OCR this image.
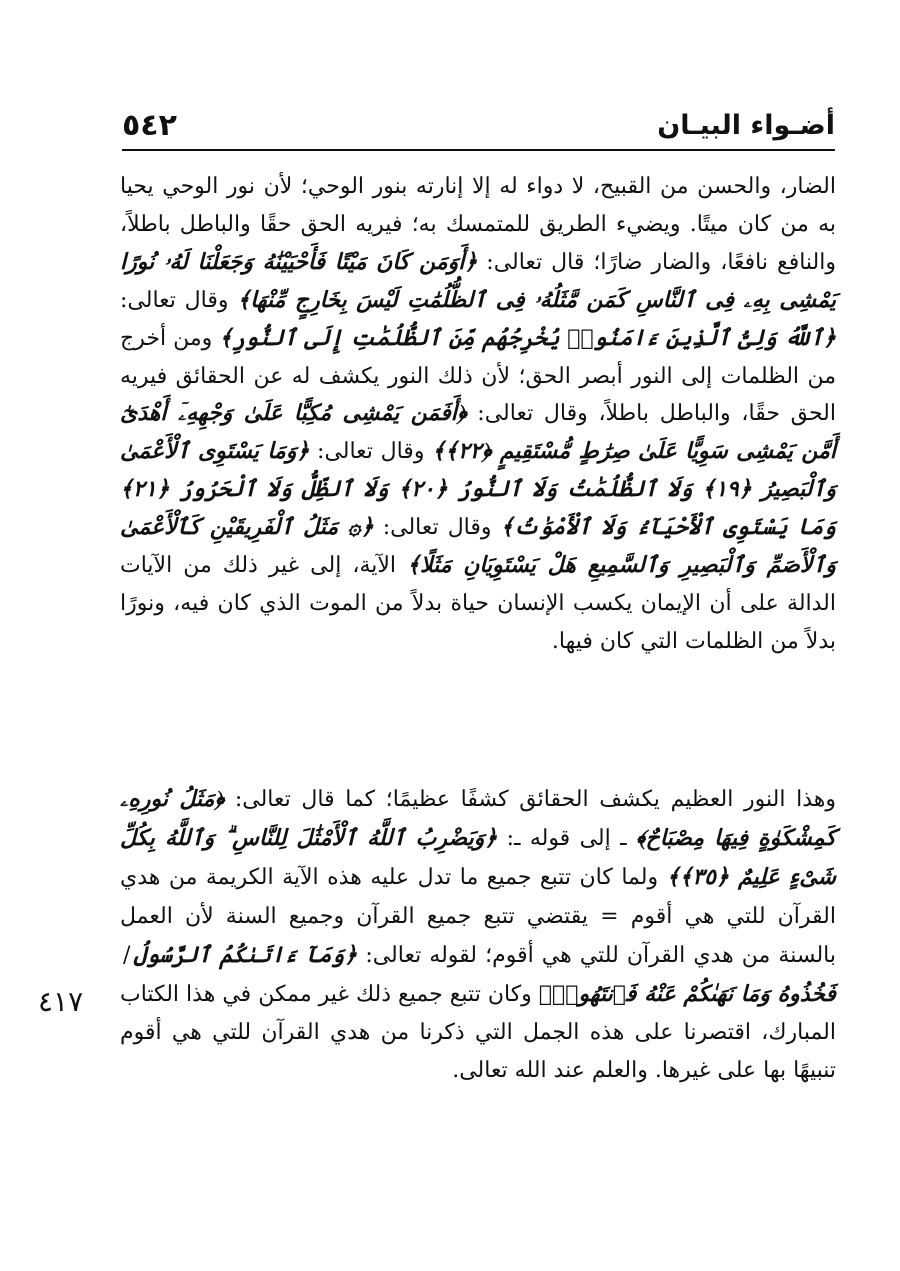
٥٤٢	أضـواء البيـان

الضار، والحسن من القبيح، لا دواء له إلا إنارته بنور الوحي؛ لأن نور الوحي يحيا به من كان ميتًا. ويضيء الطريق للمتمسك به؛ فيريه الحق حقًا والباطل باطلاً، والنافع نافعًا، والضار ضارًا؛ قال تعالى: ﴿أَوَمَن كَانَ مَيْتًا فَأَحْيَيْنَٰهُ وَجَعَلْنَا لَهُۥ نُورًا يَمْشِى بِهِۦ فِى ٱلنَّاسِ كَمَن مَّثَلُهُۥ فِى ٱلظُّلُمَٰتِ لَيْسَ بِخَارِجٍ مِّنْهَا﴾ وقال تعالى: ﴿ٱللَّهُ وَلِىُّ ٱلَّذِينَ ءَامَنُوا۟ يُخْرِجُهُم مِّنَ ٱلظُّلُمَٰتِ إِلَى ٱلنُّورِ﴾ ومن أخرج من الظلمات إلى النور أبصر الحق؛ لأن ذلك النور يكشف له عن الحقائق فيريه الحق حقًا، والباطل باطلاً، وقال تعالى: ﴿أَفَمَن يَمْشِى مُكِبًّا عَلَىٰ وَجْهِهِۦٓ أَهْدَىٰٓ أَمَّن يَمْشِى سَوِيًّا عَلَىٰ صِرَٰطٍ مُّسْتَقِيمٍ ﴿٢٢﴾﴾ وقال تعالى: ﴿وَمَا يَسْتَوِى ٱلْأَعْمَىٰ وَٱلْبَصِيرُ ﴿١٩﴾ وَلَا ٱلظُّلُمَٰتُ وَلَا ٱلنُّورُ ﴿٢٠﴾ وَلَا ٱلظِّلُّ وَلَا ٱلْحَرُورُ ﴿٢١﴾ وَمَا يَسْتَوِى ٱلْأَحْيَآءُ وَلَا ٱلْأَمْوَٰتُ﴾ وقال تعالى: ﴿۞ مَثَلُ ٱلْفَرِيقَيْنِ كَٱلْأَعْمَىٰ وَٱلْأَصَمِّ وَٱلْبَصِيرِ وَٱلسَّمِيعِ هَلْ يَسْتَوِيَانِ مَثَلًا﴾ الآية، إلى غير ذلك من الآيات الدالة على أن الإيمان يكسب الإنسان حياة بدلاً من الموت الذي كان فيه، ونورًا بدلاً من الظلمات التي كان فيها.

وهذا النور العظيم يكشف الحقائق كشفًا عظيمًا؛ كما قال تعالى: ﴿مَثَلُ نُورِهِۦ كَمِشْكَوٰةٍ فِيهَا مِصْبَاحٌ﴾ ـ إلى قوله ـ: ﴿وَيَضْرِبُ ٱللَّهُ ٱلْأَمْثَٰلَ لِلنَّاسِ ۗ وَٱللَّهُ بِكُلِّ شَىْءٍ عَلِيمٌ ﴿٣٥﴾﴾ ولما كان تتبع جميع ما تدل عليه هذه الآية الكريمة من هدي القرآن للتي هي أقوم = يقتضي تتبع جميع القرآن وجميع السنة لأن العمل بالسنة من هدي القرآن للتي هي أقوم؛ لقوله تعالى: ﴿وَمَآ ءَاتَىٰكُمُ ٱلرَّسُولُ/فَخُذُوهُ وَمَا نَهَىٰكُمْ عَنْهُ فَٱنتَهُوا۟﴾ وكان تتبع جميع ذلك غير ممكن في هذا الكتاب المبارك، اقتصرنا على هذه الجمل التي ذكرنا من هدي القرآن للتي هي أقوم تنبيهًا بها على غيرها. والعلم عند الله تعالى.

٤١٧
